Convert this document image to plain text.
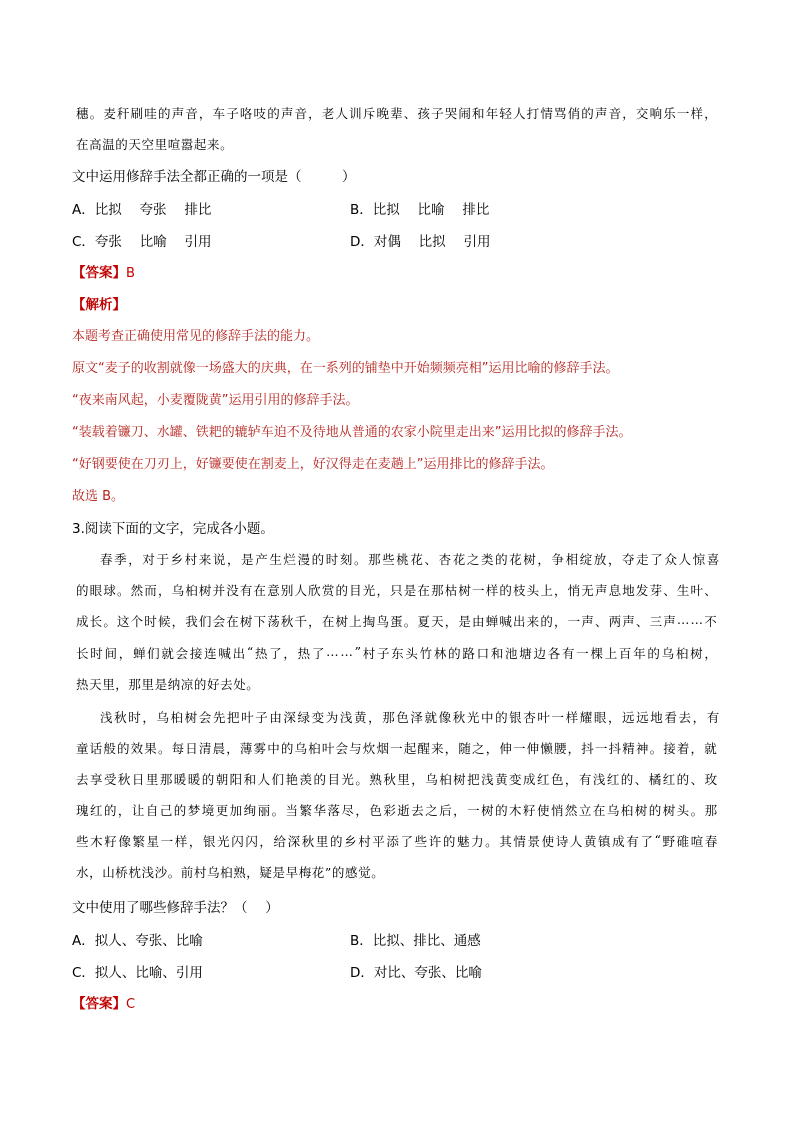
穗 。 麦 秆 刷 哇 的 声 音 ， 车 子 咯 吱 的 声 音 ， 老 人 训 斥 晚 辈 、 孩 子 哭 闹 和 年 轻 人 打 情 骂 俏 的 声 音 ， 交 响 乐 一 样 ，
在高温的天空里喧嚣起来。
文中运用修辞手法全都正确的一项是（　　　）
A．比拟　 夸张　 排比	B．比拟　 比喻　 排比
C．夸张　 比喻　 引用	D．对偶　 比拟　 引用
【答案】B
【解析】
本题考查正确使用常见的修辞手法的能力。
原文“麦子的收割就像一场盛大的庆典，在一系列的铺垫中开始频频亮相”运用比喻的修辞手法。
“夜来南风起，小麦覆陇黄”运用引用的修辞手法。
“装载着镰刀、水罐、铁耙的辘轳车迫不及待地从普通的农家小院里走出来”运用比拟的修辞手法。
“好钢要使在刀刃上，好镰要使在割麦上，好汉得走在麦趟上”运用排比的修辞手法。
故选 B。
3.阅读下面的文字，完成各小题。
春 季 ， 对 于 乡 村 来 说 ， 是 产 生 烂 漫 的 时 刻 。 那 些 桃 花 、 杏 花 之 类 的 花 树 ， 争 相 绽 放 ， 夺 走 了 众 人 惊 喜
的 眼 球 。 然 而 ， 乌 桕 树 并 没 有 在 意 别 人 欣 赏 的 目 光 ， 只 是 在 那 枯 树 一 样 的 枝 头 上 ， 悄 无 声 息 地 发 芽 、 生 叶 、
成 长 。 这 个 时 候 ， 我 们 会 在 树 下 荡 秋 千 ， 在 树 上 掏 鸟 蛋 。 夏 天 ， 是 由 蝉 喊 出 来 的 ， 一 声 、 两 声 、 三 声 … … 不
长 时 间 ， 蝉 们 就 会 接 连 喊 出 “ 热 了 ， 热 了 … … ” 村 子 东 头 竹 林 的 路 口 和 池 塘 边 各 有 一 棵 上 百 年 的 乌 桕 树 ，
热天里，那里是纳凉的好去处。
浅 秋 时 ， 乌 桕 树 会 先 把 叶 子 由 深 绿 变 为 浅 黄 ， 那 色 泽 就 像 秋 光 中 的 银 杏 叶 一 样 耀 眼 ， 远 远 地 看 去 ， 有
童 话 般 的 效 果 。 每 日 清 晨 ， 薄 雾 中 的 乌 桕 叶 会 与 炊 烟 一 起 醒 来 ， 随 之 ， 伸 一 伸 懒 腰 ， 抖 一 抖 精 神 。 接 着 ， 就
去 享 受 秋 日 里 那 暖 暖 的 朝 阳 和 人 们 艳 羡 的 目 光 。 熟 秋 里 ， 乌 桕 树 把 浅 黄 变 成 红 色 ， 有 浅 红 的 、 橘 红 的 、 玫
瑰 红 的 ， 让 自 己 的 梦 境 更 加 绚 丽 。 当 繁 华 落 尽 ， 色 彩 逝 去 之 后 ， 一 树 的 木 籽 使 悄 然 立 在 乌 桕 树 的 树 头 。 那
些 木 籽 像 繁 星 一 样 ， 银 光 闪 闪 ， 给 深 秋 里 的 乡 村 平 添 了 些 许 的 魅 力 。 其 情 景 使 诗 人 黄 镇 成 有 了 “ 野 碓 喧 春
水，山桥枕浅沙。前村乌桕熟，疑是早梅花”的感觉。
文中使用了哪些修辞手法？（　 ）
A．拟人、夸张、比喻	B．比拟、排比、通感
C．拟人、比喻、引用	D．对比、夸张、比喻
【答案】C
